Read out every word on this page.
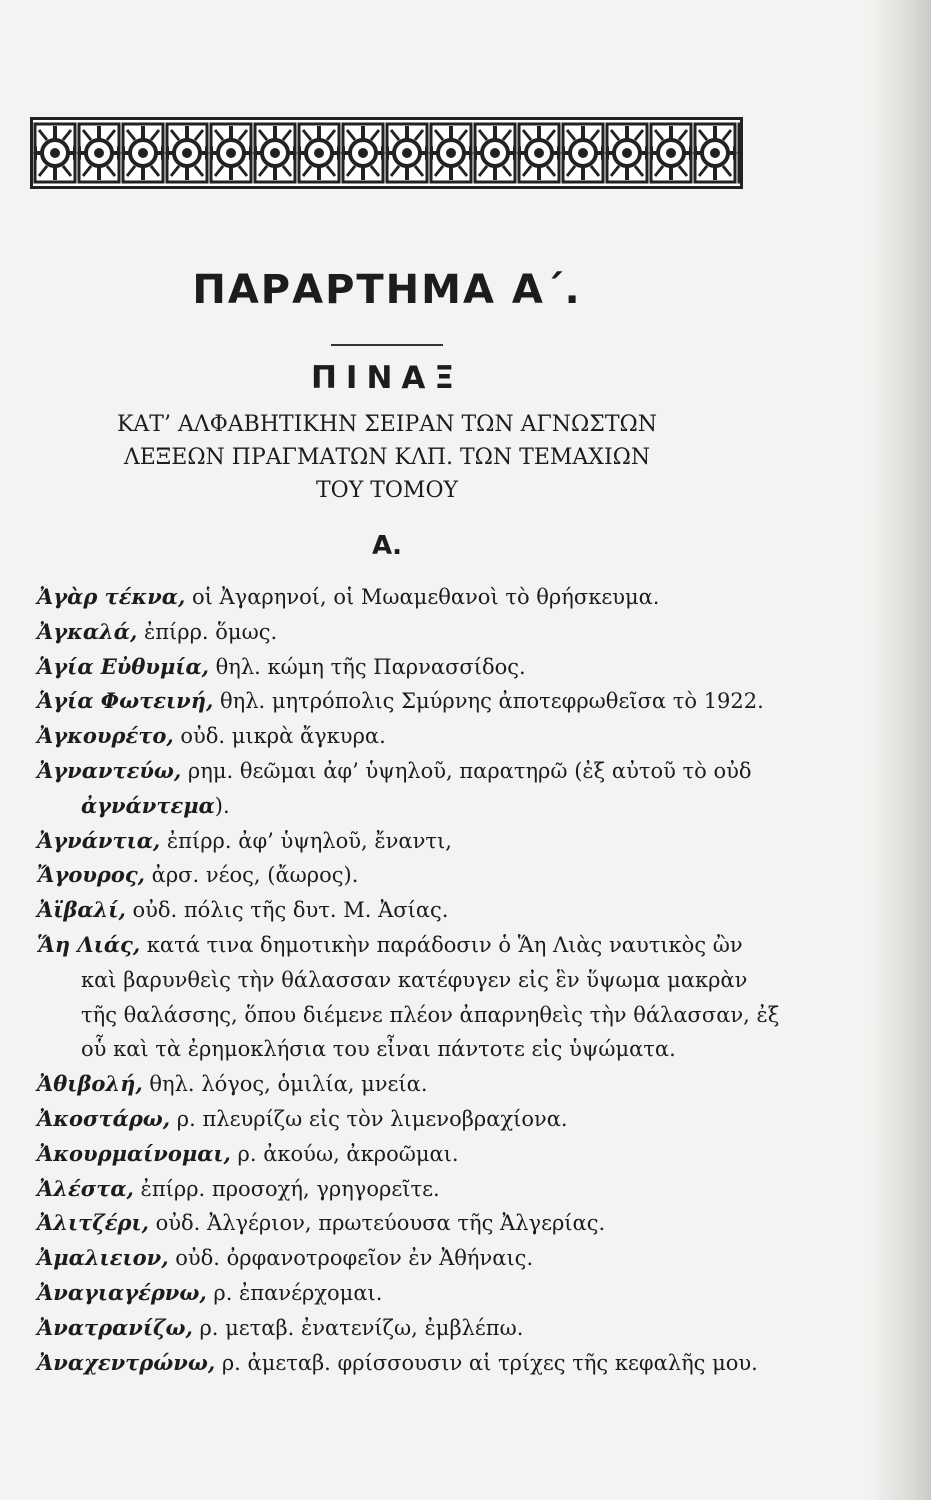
ΠΑΡΑΡΤΗΜΑ Α΄.
ΠΙΝΑΞ
ΚΑΤ’ ΑΛΦΑΒΗΤΙΚΗΝ ΣΕΙΡΑΝ ΤΩΝ ΑΓΝΩΣΤΩΝ
ΛΕΞΕΩΝ ΠΡΑΓΜΑΤΩΝ ΚΛΠ. ΤΩΝ ΤΕΜΑΧΙΩΝ
ΤΟΥ ΤΟΜΟΥ
Α.
Ἀγὰρ τέκνα, οἱ Ἀγαρηνοί, οἱ Μωαμεθανοὶ τὸ θρήσκευμα.
Ἀγκαλά, ἐπίρρ. ὅμως.
Ἁγία Εὐθυμία, θηλ. κώμη τῆς Παρνασσίδος.
Ἁγία Φωτεινή, θηλ. μητρόπολις Σμύρνης ἀποτεφρωθεῖσα τὸ 1922.
Ἀγκουρέτο, οὐδ. μικρὰ ἄγκυρα.
Ἀγναντεύω, ρημ. θεῶμαι ἀφ’ ὑψηλοῦ, παρατηρῶ (ἐξ αὐτοῦ τὸ οὐδ ἀγνάντεμα).
Ἀγνάντια, ἐπίρρ. ἀφ’ ὑψηλοῦ, ἔναντι,
Ἄγουρος, ἀρσ. νέος, (ἄωρος).
Ἀϊβαλί, οὐδ. πόλις τῆς δυτ. Μ. Ἀσίας.
Ἅη Λιάς, κατά τινα δημοτικὴν παράδοσιν ὁ Ἅη Λιὰς ναυτικὸς ὢν καὶ βαρυνθεὶς τὴν θάλασσαν κατέφυγεν εἰς ἓν ὕψωμα μακρὰν τῆς θαλάσσης, ὅπου διέμενε πλέον ἀπαρνηθεὶς τὴν θάλασσαν, ἐξ οὗ καὶ τὰ ἐρημοκλήσια του εἶναι πάντοτε εἰς ὑψώματα.
Ἀθιβολή, θηλ. λόγος, ὁμιλία, μνεία.
Ἀκοστάρω, ρ. πλευρίζω εἰς τὸν λιμενοβραχίονα.
Ἀκουρμαίνομαι, ρ. ἀκούω, ἀκροῶμαι.
Ἀλέστα, ἐπίρρ. προσοχή, γρηγορεῖτε.
Ἀλιτζέρι, οὐδ. Ἀλγέριον, πρωτεύουσα τῆς Ἀλγερίας.
Ἀμαλιειον, οὐδ. ὀρφανοτροφεῖον ἐν Ἀθήναις.
Ἀναγιαγέρνω, ρ. ἐπανέρχομαι.
Ἀνατρανίζω, ρ. μεταβ. ἐνατενίζω, ἐμβλέπω.
Ἀναχεντρώνω, ρ. ἀμεταβ. φρίσσουσιν αἱ τρίχες τῆς κεφαλῆς μου.
